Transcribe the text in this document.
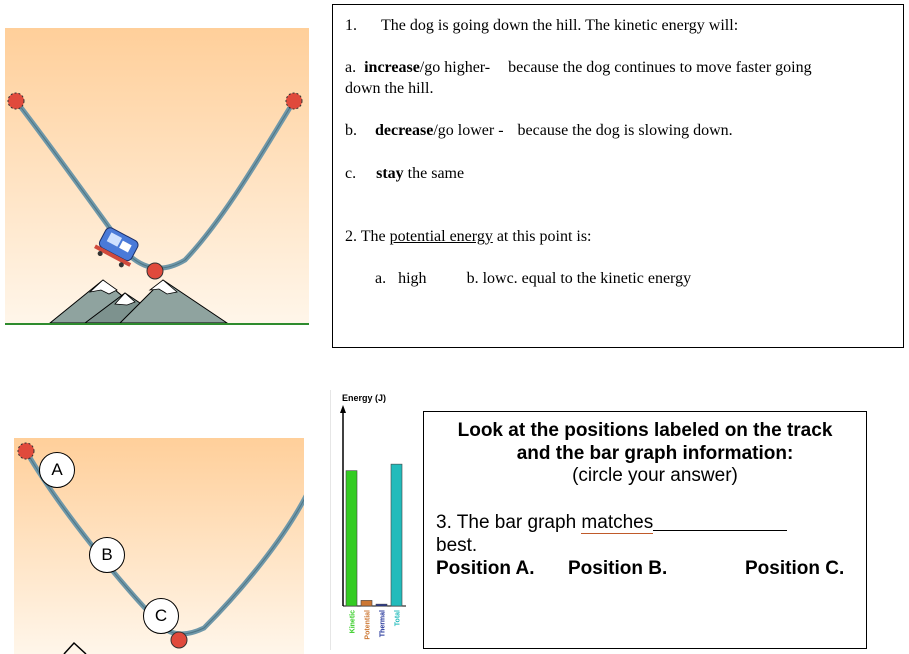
1. The dog is going down the hill. The kinetic energy will:
a. increase/go higher- because the dog continues to move faster going
down the hill.
b. decrease/go lower - because the dog is slowing down.
c. stay the same
2. The potential energy at this point is:
a. high	b. lowc. equal to the kinetic energy
A
B
C
Energy (J)
Kinetic Potential Thermal Total
Look at the positions labeled on the track
and the bar graph information:
(circle your answer)
3. The bar graph matches
best.
Position A. Position B.	Position C.
